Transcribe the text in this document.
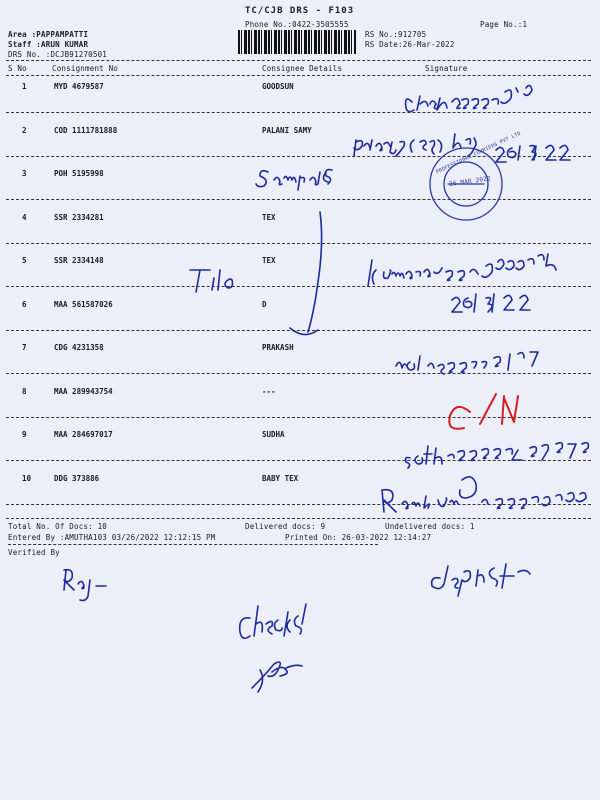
TC/CJB DRS - F103
Area :PAPPAMPATTI
Staff :ARUN KUMAR
DRS No. :DCJB91270501
Phone No.:0422-3505555
RS No.:912705
RS Date:26-Mar-2022
Page No.:1
S No	Consignment No	Consignee Details	Signature
1	MYD 4679587	GOODSUN
2	COD 1111781888	PALANI SAMY
3	POH 5195998
4	SSR 2334281	TEX
5	SSR 2334148	TEX
6	MAA 561587026	D
7	CDG 4231358	PRAKASH
8	MAA 289943754	---
9	MAA 284697017	SUDHA
10	DDG 373886	BABY TEX
Total No. Of Docs: 10	Delivered docs: 9	Undelivered docs: 1
Entered By :AMUTHA103 03/26/2022 12:12:15 PM	Printed On: 26-03-2022 12:14:27
Verified By
26 MAR 2022
PROFESSIONAL COURIERS PVT LTD
